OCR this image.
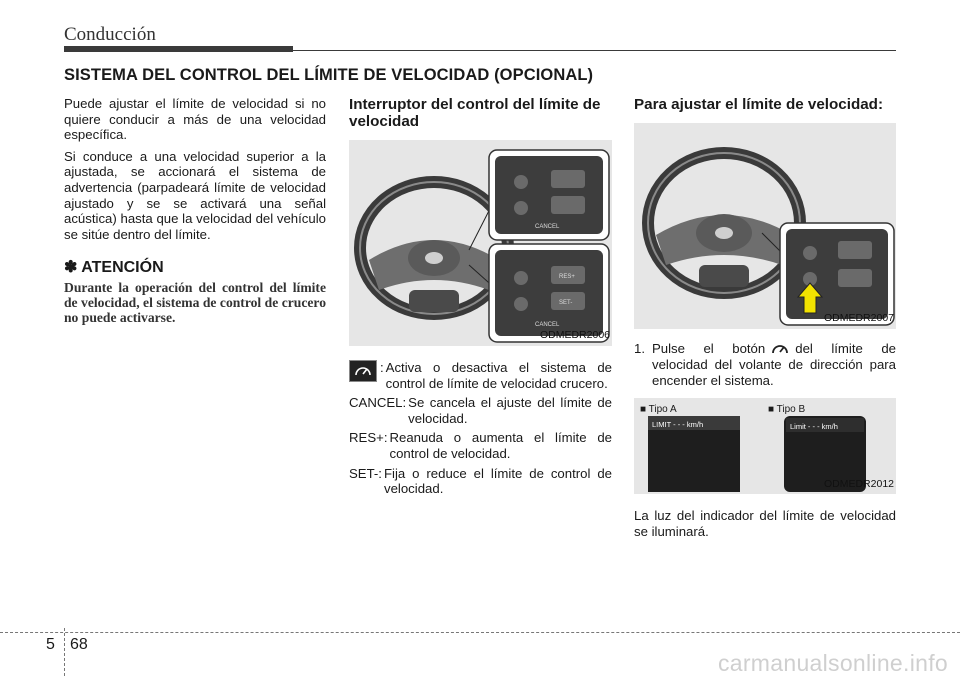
Conducción
SISTEMA DEL CONTROL DEL LÍMITE DE VELOCIDAD (OPCIONAL)

Puede ajustar el límite de velocidad si no quiere conducir a más de una velocidad específica.

Si conduce a una velocidad superior a la ajustada, se accionará el sistema de advertencia (parpadeará límite de velocidad ajustado y se se activará una señal acústica) hasta que la velocidad del vehículo se sitúe dentro del límite.

✽ ATENCIÓN
Durante la operación del control del límite de velocidad, el sistema de control de crucero no puede activarse.
Interruptor del control del límite de velocidad
CANCEL
RES+
SET-
CANCEL
ODMEDR2006
: Activa o desactiva el sistema de control de límite de velocidad crucero.
CANCEL: Se cancela el ajuste del límite de velocidad.
RES+: Reanuda o aumenta el límite de control de velocidad.
SET-: Fija o reduce el límite de control de velocidad.
Para ajustar el límite de velocidad:
ODMEDR2007
1. Pulse el botón del límite de velocidad del volante de dirección para encender el sistema.
■ Tipo A	■ Tipo B
LIMIT - - - km/h	Limit - - - km/h
ODMEDR2012

La luz del indicador del límite de velocidad se iluminará.

5 68
carmanualsonline.info
